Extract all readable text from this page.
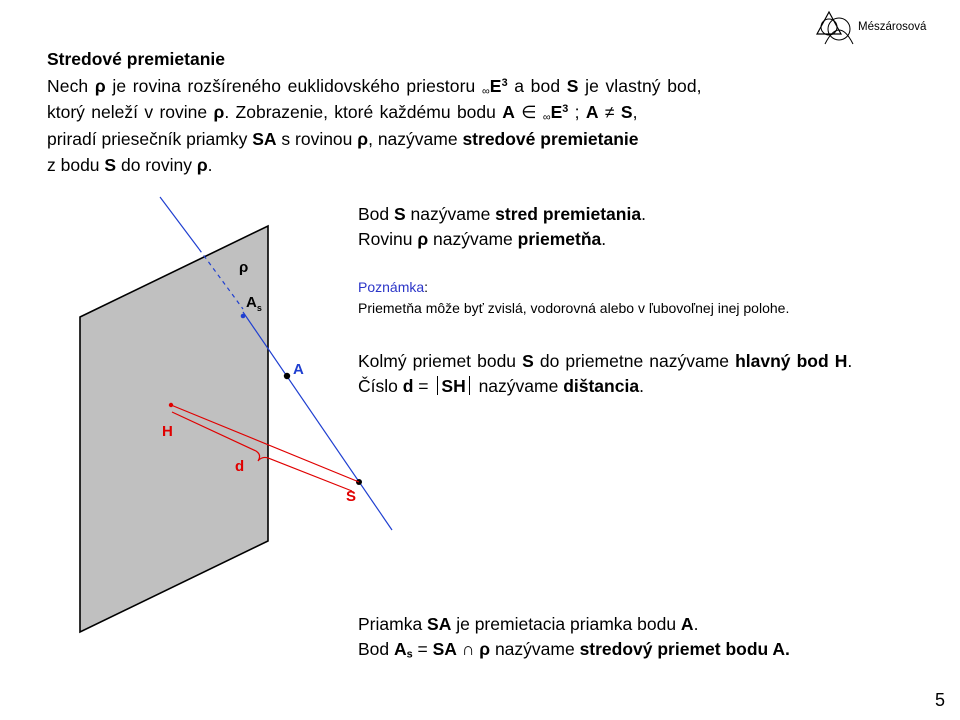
Mészárosová
Stredové premietanie
Nech ρ je rovina rozšíreného euklidovského priestoru $_\infty E^3$ a bod S je vlastný bod,
ktorý neleží v rovine ρ. Zobrazenie, ktoré každému bodu A ∈ $_\infty E^3$ ; A ≠ S,
priradí priesečník priamky SA s rovinou ρ, nazývame stredové premietanie
z bodu S do roviny ρ.
Bod S nazývame stred premietania.
Rovinu ρ nazývame priemetňa.
Poznámka:
Priemetňa môže byť zvislá, vodorovná alebo v ľubovoľnej inej polohe.
Kolmý priemet bodu S do priemetne nazývame hlavný bod H.
Číslo d = SH nazývame dištancia.
Priamka SA je premietacia priamka bodu A.
Bod $A_s$ = SA ∩ ρ nazývame stredový priemet bodu A.
ρ
$A_s$
A
H
d
S
5
